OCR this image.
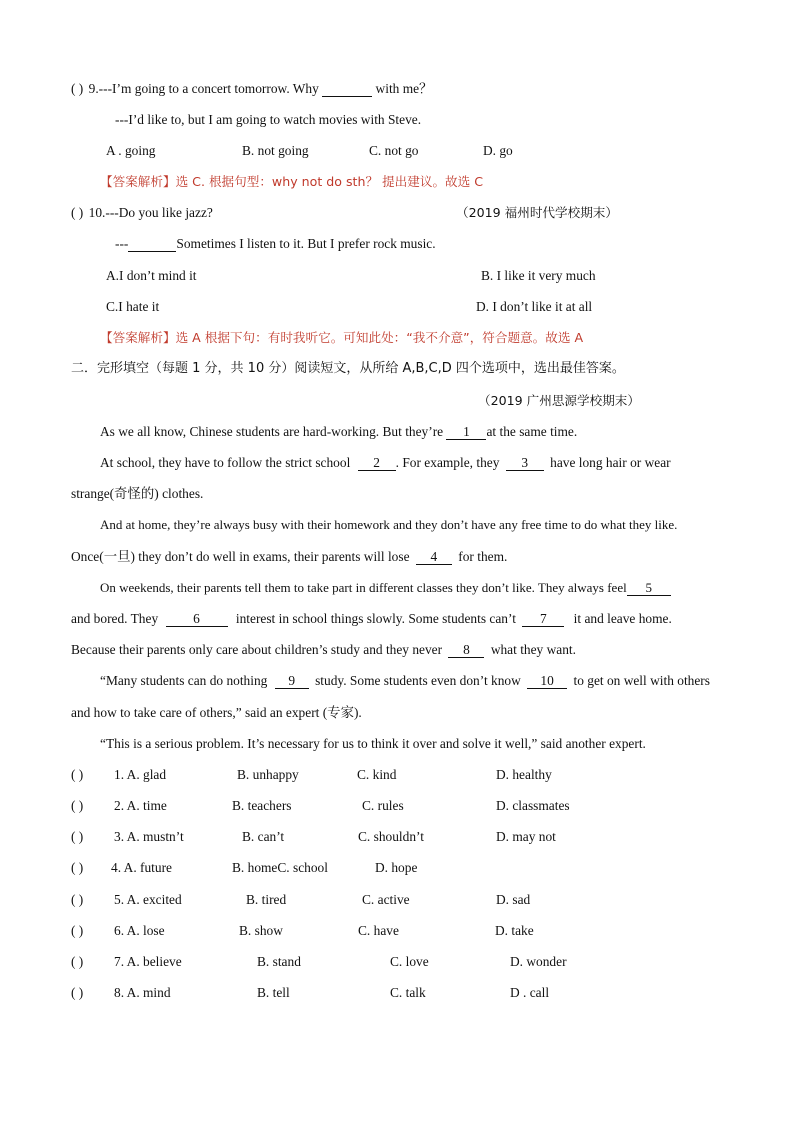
( ) 9.---I’m going to a concert tomorrow. Why	with me？
---I’d like to, but I am going to watch movies with Steve.
A . going	B. not going	C. not go	D. go
【答案解析】选 C. 根据句型：why not do sth？ 提出建议。故选 C
( ) 10.---Do you like jazz?	（2019 福州时代学校期末）
---	Sometimes I listen to it. But I prefer rock music.
A.I don’t mind it	B. I like it very much
C.I hate it	D. I don’t like it at all
【答案解析】选 A 根据下句：有时我听它。可知此处：“我不介意”，符合题意。故选 A
二．完形填空（每题 1 分，共 10 分）阅读短文，从所给 A,B,C,D 四个选项中，选出最佳答案。
（2019 广州思源学校期末）
As we all know, Chinese students are hard-working. But they’re 1 at the same time.
At school, they have to follow the strict school 2 . For example, they 3 have long hair or wear
strange(奇怪的) clothes.
And at home, they’re always busy with their homework and they don’t have any free time to do what they like.
Once(一旦) they don’t do well in exams, their parents will lose 4 for them.
On weekends, their parents tell them to take part in different classes they don’t like. They always feel 5
and bored. They	6	interest in school things slowly. Some students can’t 7 it and leave home.
Because their parents only care about children’s study and they never 8 what they want.
“Many students can do nothing 9 study. Some students even don’t know 10 to get on well with others
and how to take care of others,” said an expert (专家).
“This is a serious problem. It’s necessary for us to think it over and solve it well,” said another expert.
( ) 1. A. glad	B. unhappy	C. kind	D. healthy
( ) 2. A. time	B. teachers	C. rules	D. classmates
( ) 3. A. mustn’t	B. can’t	C. shouldn’t	D. may not
( ) 4. A. future	B. homeC. school	D. hope
( ) 5. A. excited	B. tired	C. active	D. sad
( ) 6. A. lose	B. show	C. have	D. take
( ) 7. A. believe	B. stand	C. love	D. wonder
( ) 8. A. mind	B. tell	C. talk	D . call
